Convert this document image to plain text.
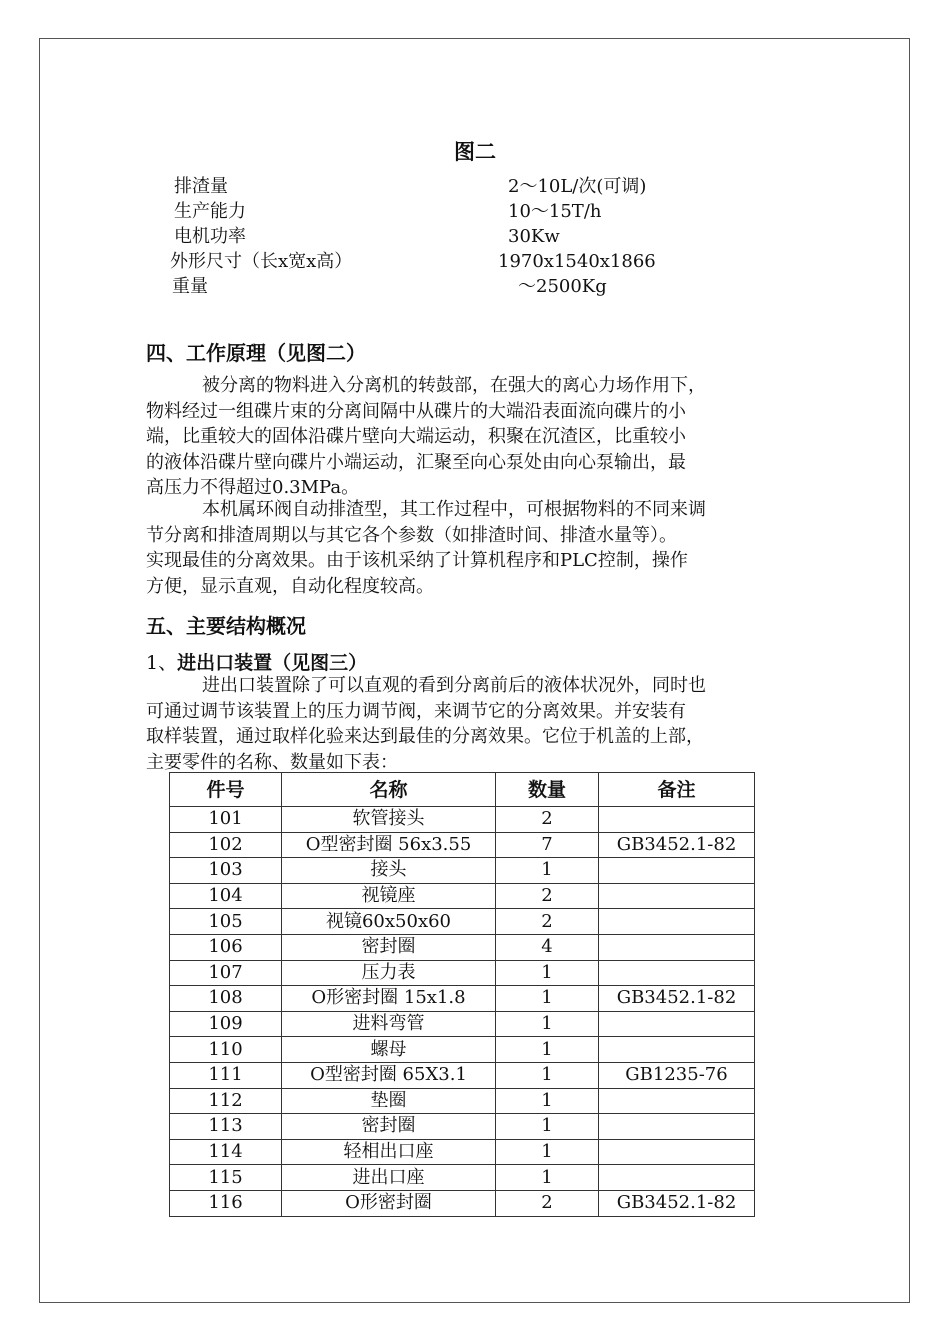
图二
排渣量	2～10L/次(可调)
生产能力	10～15T/h
电机功率	30Kw
外形尺寸（长x宽x高）	1970x1540x1866
重量	～2500Kg
四、工作原理（见图二）
被分离的物料进入分离机的转鼓部，在强大的离心力场作用下，
物料经过一组碟片束的分离间隔中从碟片的大端沿表面流向碟片的小
端，比重较大的固体沿碟片壁向大端运动，积聚在沉渣区，比重较小
的液体沿碟片壁向碟片小端运动，汇聚至向心泵处由向心泵输出，最
高压力不得超过0.3MPa。
本机属环阀自动排渣型，其工作过程中，可根据物料的不同来调
节分离和排渣周期以与其它各个参数（如排渣时间、排渣水量等）。
实现最佳的分离效果。由于该机采纳了计算机程序和PLC控制，操作
方便，显示直观，自动化程度较高。
五、主要结构概况
1、进出口装置（见图三）
进出口装置除了可以直观的看到分离前后的液体状况外，同时也
可通过调节该装置上的压力调节阀，来调节它的分离效果。并安装有
取样装置，通过取样化验来达到最佳的分离效果。它位于机盖的上部，
主要零件的名称、数量如下表：
件号	名称	数量	备注
101	软管接头	2	
102	O型密封圈 56x3.55	7	GB3452.1-82
103	接头	1	
104	视镜座	2	
105	视镜60x50x60	2	
106	密封圈	4	
107	压力表	1	
108	O形密封圈 15x1.8	1	GB3452.1-82
109	进料弯管	1	
110	螺母	1	
111	O型密封圈 65X3.1	1	GB1235-76
112	垫圈	1	
113	密封圈	1	
114	轻相出口座	1	
115	进出口座	1	
116	O形密封圈	2	GB3452.1-82
